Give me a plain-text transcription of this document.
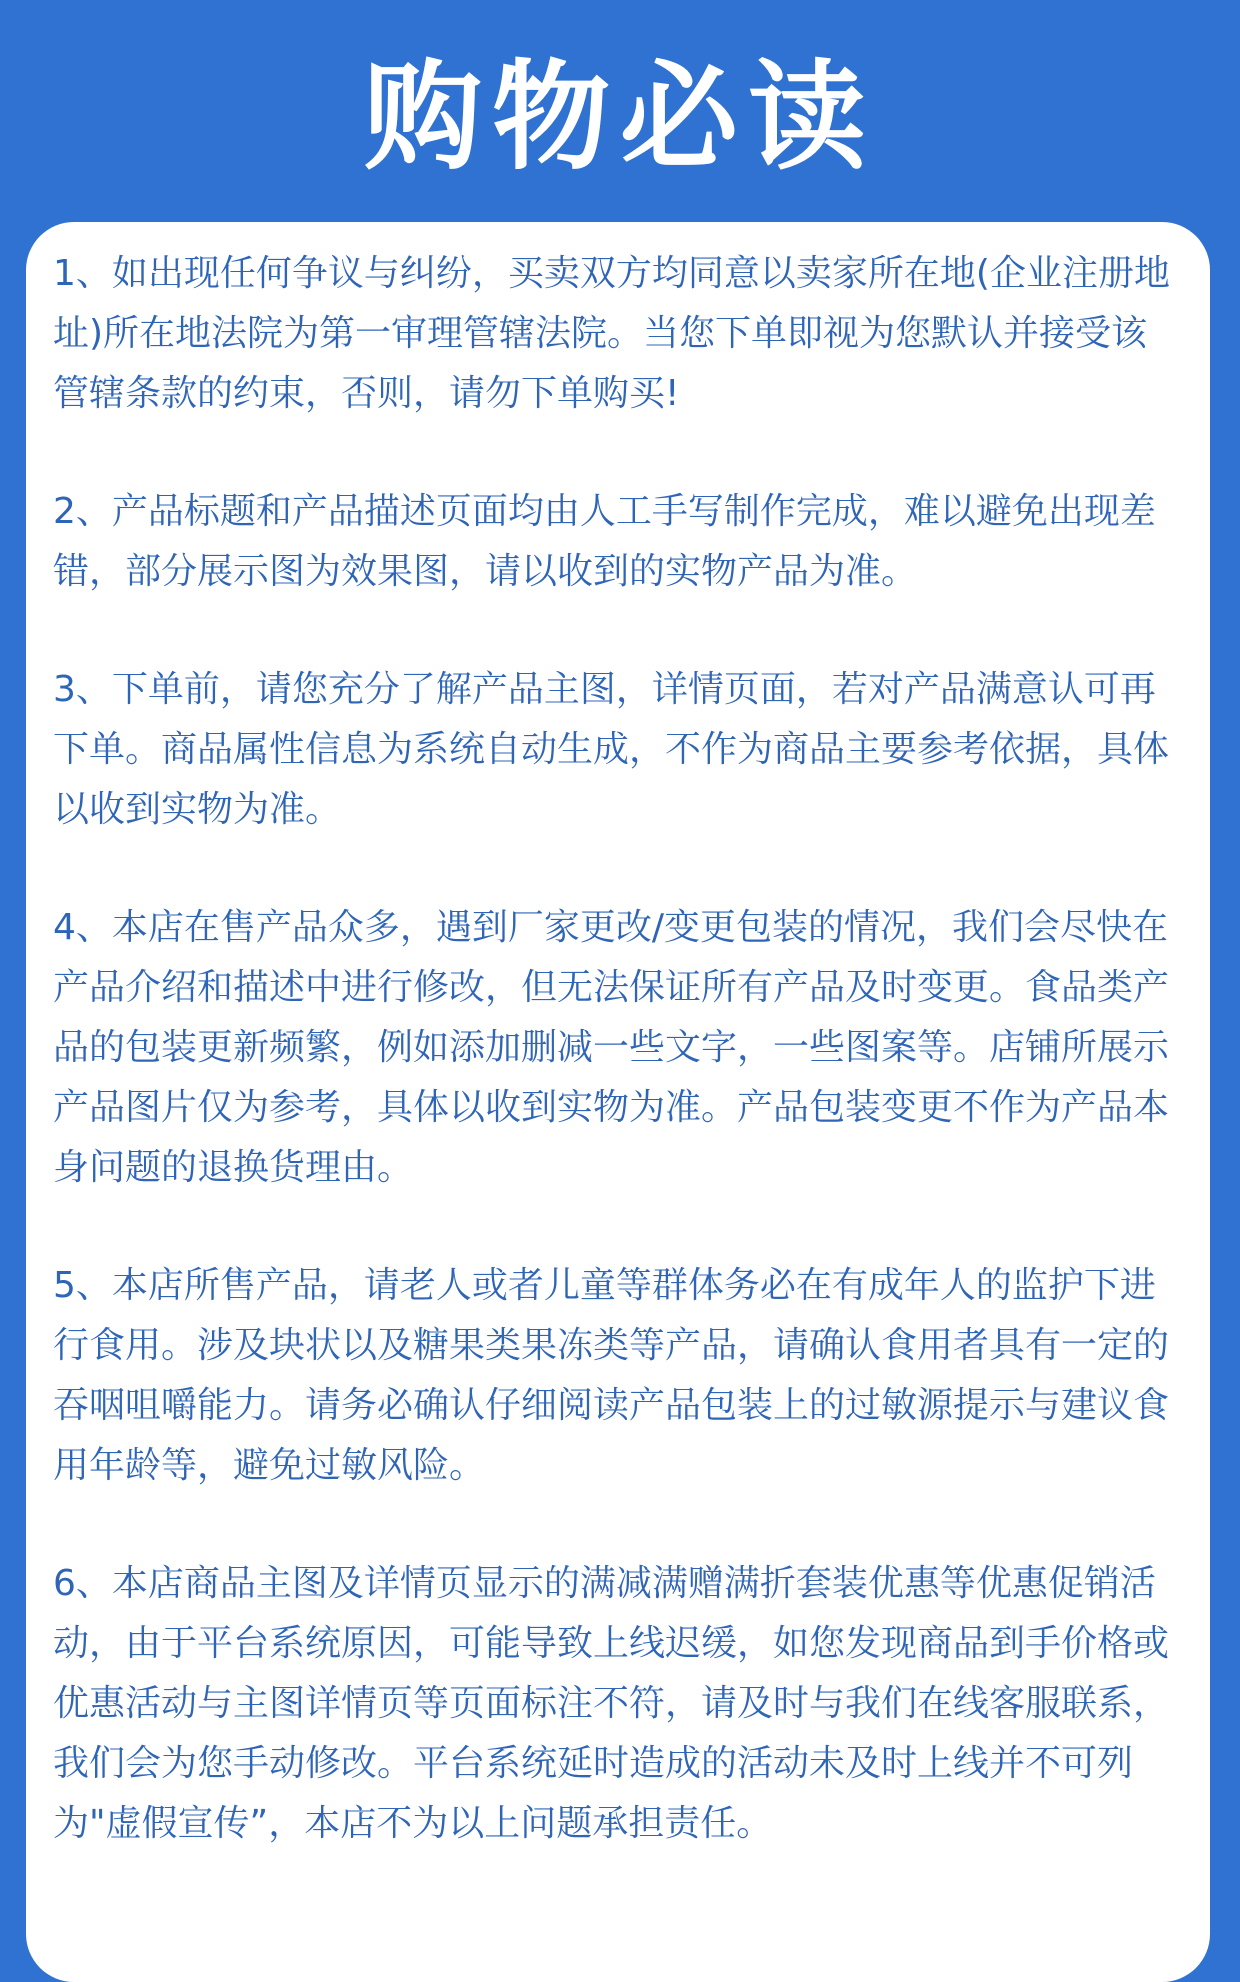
购物必读

1、如出现任何争议与纠纷，买卖双方均同意以卖家所在地(企业注册地址)所在地法院为第一审理管辖法院。当您下单即视为您默认并接受该管辖条款的约束，否则，请勿下单购买!

2、产品标题和产品描述页面均由人工手写制作完成，难以避免出现差错，部分展示图为效果图，请以收到的实物产品为准。

3、下单前，请您充分了解产品主图，详情页面，若对产品满意认可再下单。商品属性信息为系统自动生成，不作为商品主要参考依据，具体以收到实物为准。

4、本店在售产品众多，遇到厂家更改/变更包装的情况，我们会尽快在产品介绍和描述中进行修改，但无法保证所有产品及时变更。食品类产品的包装更新频繁，例如添加删减一些文字，一些图案等。店铺所展示产品图片仅为参考，具体以收到实物为准。产品包装变更不作为产品本身问题的退换货理由。

5、本店所售产品，请老人或者儿童等群体务必在有成年人的监护下进行食用。涉及块状以及糖果类果冻类等产品，请确认食用者具有一定的吞咽咀嚼能力。请务必确认仔细阅读产品包装上的过敏源提示与建议食用年龄等，避免过敏风险。

6、本店商品主图及详情页显示的满减满赠满折套装优惠等优惠促销活动，由于平台系统原因，可能导致上线迟缓，如您发现商品到手价格或优惠活动与主图详情页等页面标注不符，请及时与我们在线客服联系，我们会为您手动修改。平台系统延时造成的活动未及时上线并不可列为"虚假宣传”，本店不为以上问题承担责任。
